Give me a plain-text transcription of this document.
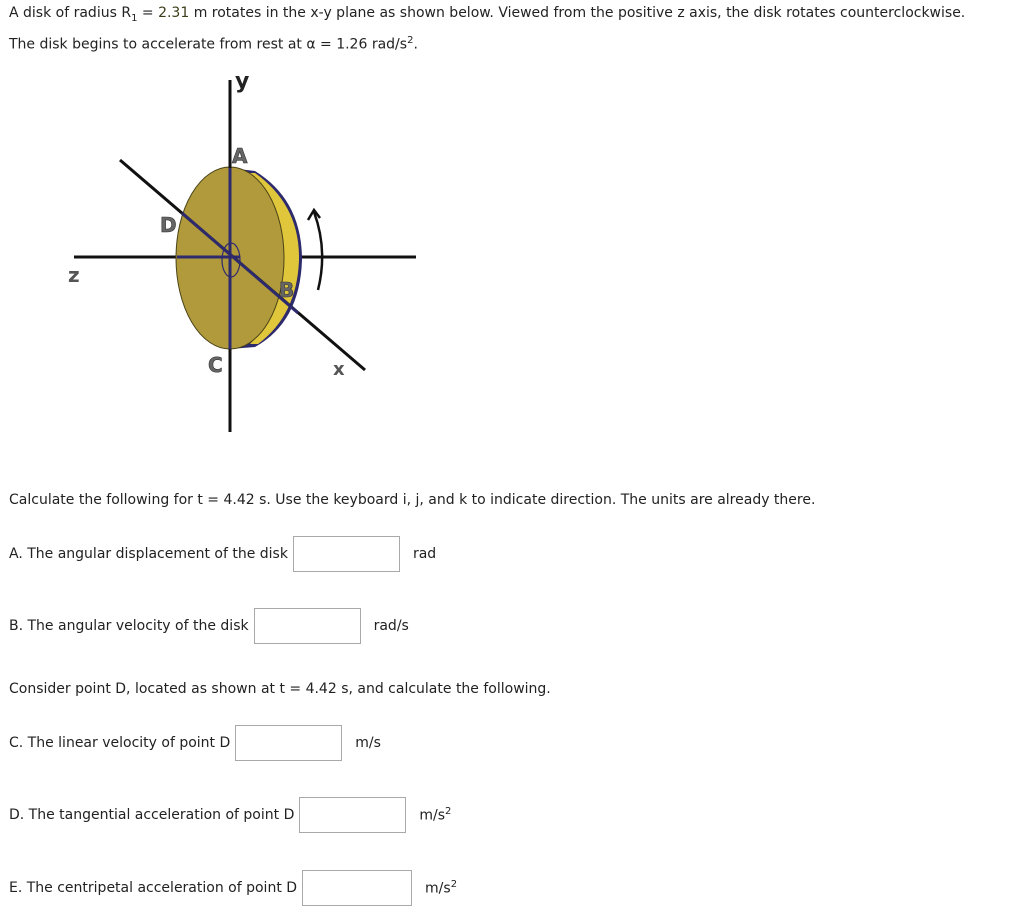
A disk of radius $R_1 = 2.31$ m rotates in the x-y plane as shown below. Viewed from the positive z axis, the disk rotates counterclockwise.
The disk begins to accelerate from rest at α = 1.26 rad/$s^2$.
y
z
x
A
B
C
D
Calculate the following for t = 4.42 s. Use the keyboard i, j, and k to indicate direction. The units are already there.
A. The angular displacement of the disk	rad
B. The angular velocity of the disk	rad/s
Consider point D, located as shown at t = 4.42 s, and calculate the following.
C. The linear velocity of point D	m/s
D. The tangential acceleration of point D	$m/s^2$
E. The centripetal acceleration of point D	$m/s^2$
